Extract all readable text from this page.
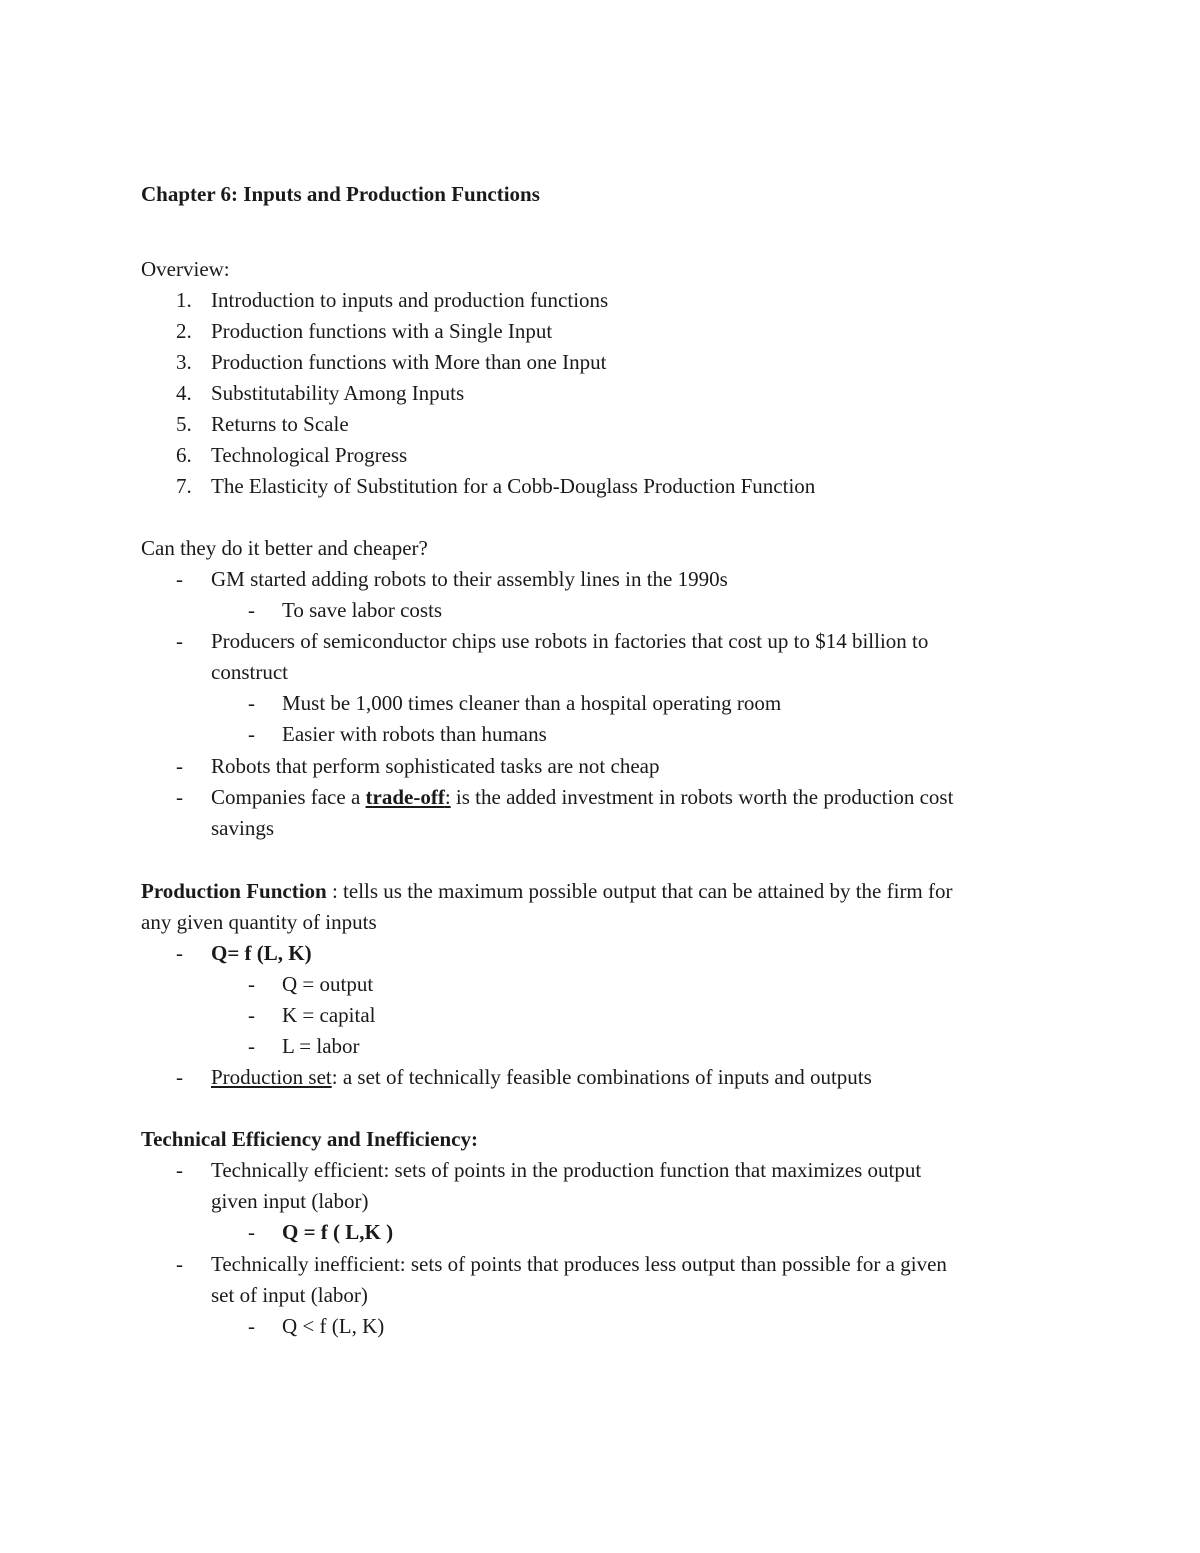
Chapter 6: Inputs and Production Functions
Overview:
1. Introduction to inputs and production functions
2. Production functions with a Single Input
3. Production functions with More than one Input
4. Substitutability Among Inputs
5. Returns to Scale
6. Technological Progress
7. The Elasticity of Substitution for a Cobb-Douglass Production Function
Can they do it better and cheaper?
- GM started adding robots to their assembly lines in the 1990s
- To save labor costs
- Producers of semiconductor chips use robots in factories that cost up to $14 billion to
construct
- Must be 1,000 times cleaner than a hospital operating room
- Easier with robots than humans
- Robots that perform sophisticated tasks are not cheap
- Companies face a trade-off: is the added investment in robots worth the production cost
savings
Production Function : tells us the maximum possible output that can be attained by the firm for
any given quantity of inputs
- Q= f (L, K)
- Q = output
- K = capital
- L = labor
- Production set: a set of technically feasible combinations of inputs and outputs
Technical Efficiency and Inefficiency:
- Technically efficient: sets of points in the production function that maximizes output
given input (labor)
- Q = f ( L,K )
- Technically inefficient: sets of points that produces less output than possible for a given
set of input (labor)
- Q < f (L, K)
